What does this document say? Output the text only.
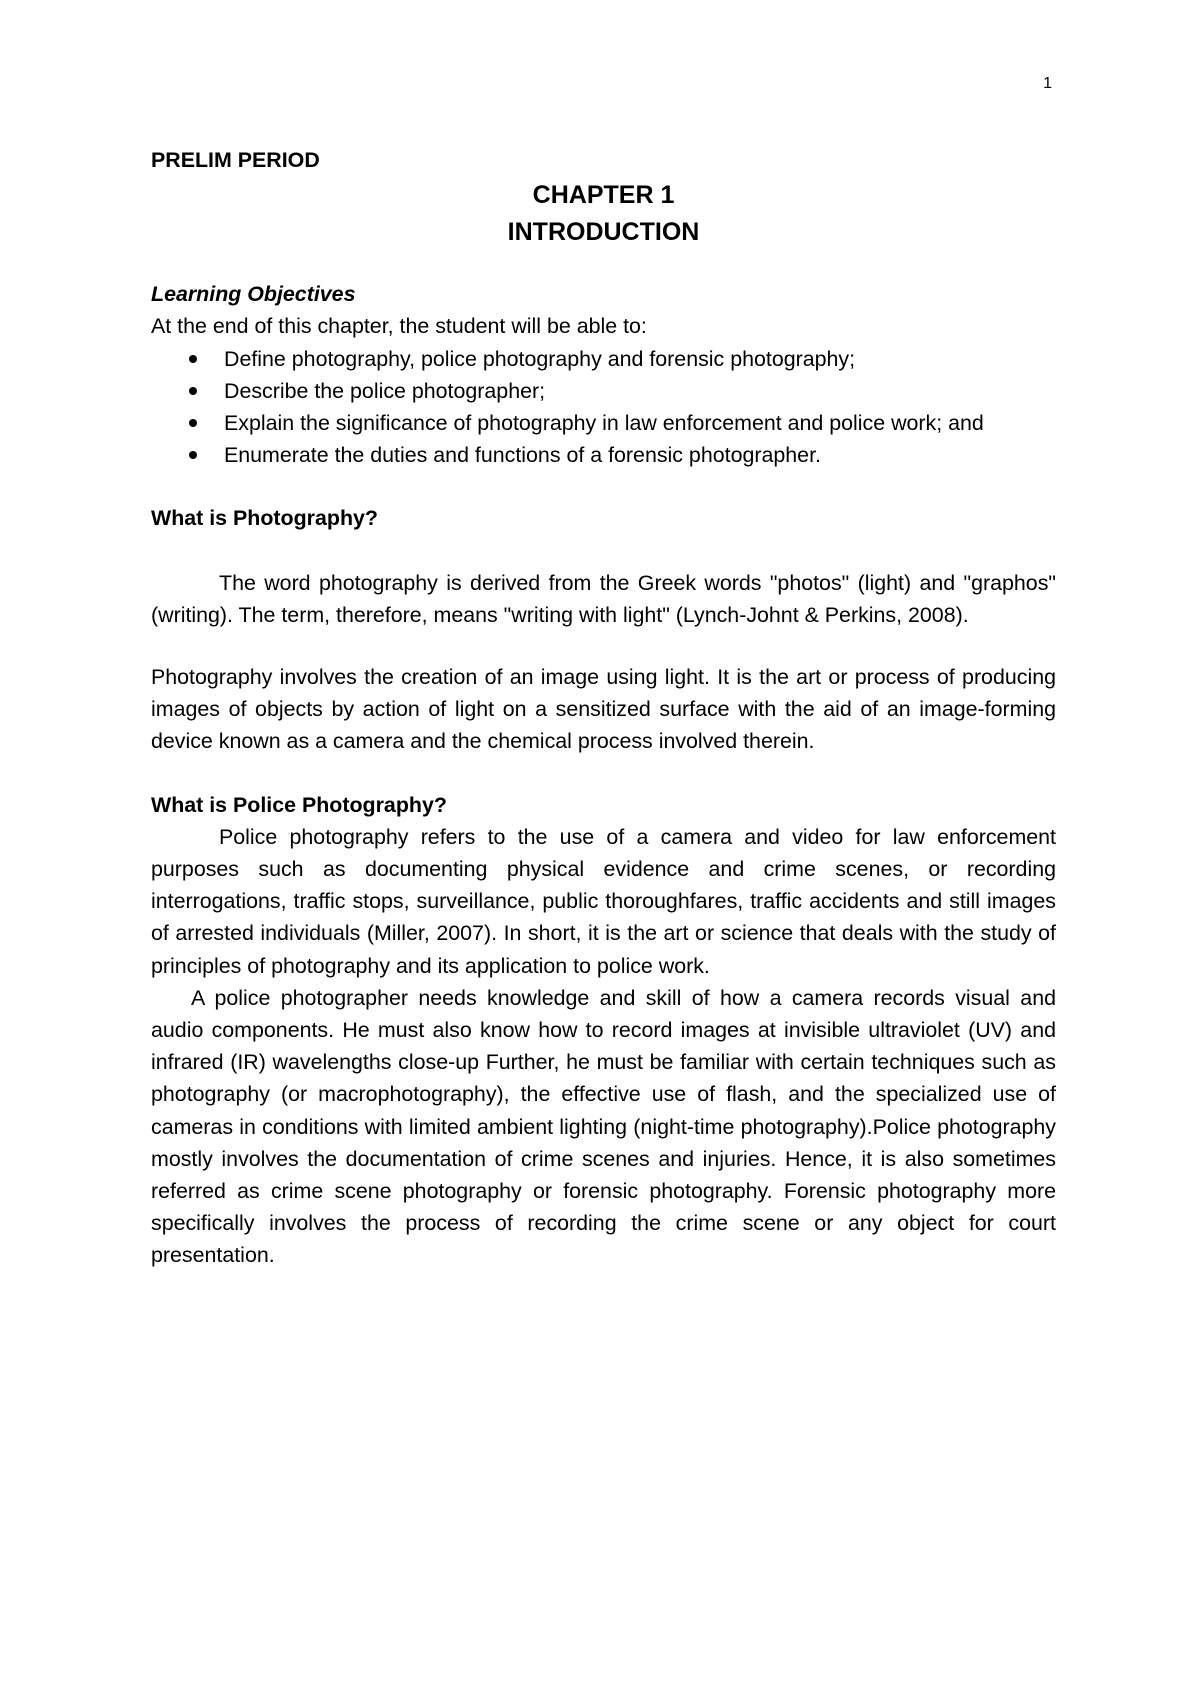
1
PRELIM PERIOD
CHAPTER 1
INTRODUCTION
Learning Objectives
At the end of this chapter, the student will be able to:
Define photography, police photography and forensic photography;
Describe the police photographer;
Explain the significance of photography in law enforcement and police work; and
Enumerate the duties and functions of a forensic photographer.
What is Photography?

The word photography is derived from the Greek words "photos" (light) and "graphos" (writing). The term, therefore, means "writing with light" (Lynch-Johnt & Perkins, 2008).

Photography involves the creation of an image using light. It is the art or process of producing images of objects by action of light on a sensitized surface with the aid of an image-forming device known as a camera and the chemical process involved therein.

What is Police Photography?

Police photography refers to the use of a camera and video for law enforcement purposes such as documenting physical evidence and crime scenes, or recording interrogations, traffic stops, surveillance, public thoroughfares, traffic accidents and still images of arrested individuals (Miller, 2007). In short, it is the art or science that deals with the study of principles of photography and its application to police work.

A police photographer needs knowledge and skill of how a camera records visual and audio components. He must also know how to record images at invisible ultraviolet (UV) and infrared (IR) wavelengths close-up Further, he must be familiar with certain techniques such as photography (or macrophotography), the effective use of flash, and the specialized use of cameras in conditions with limited ambient lighting (night-time photography).Police photography mostly involves the documentation of crime scenes and injuries. Hence, it is also sometimes referred as crime scene photography or forensic photography. Forensic photography more specifically involves the process of recording the crime scene or any object for court presentation.
